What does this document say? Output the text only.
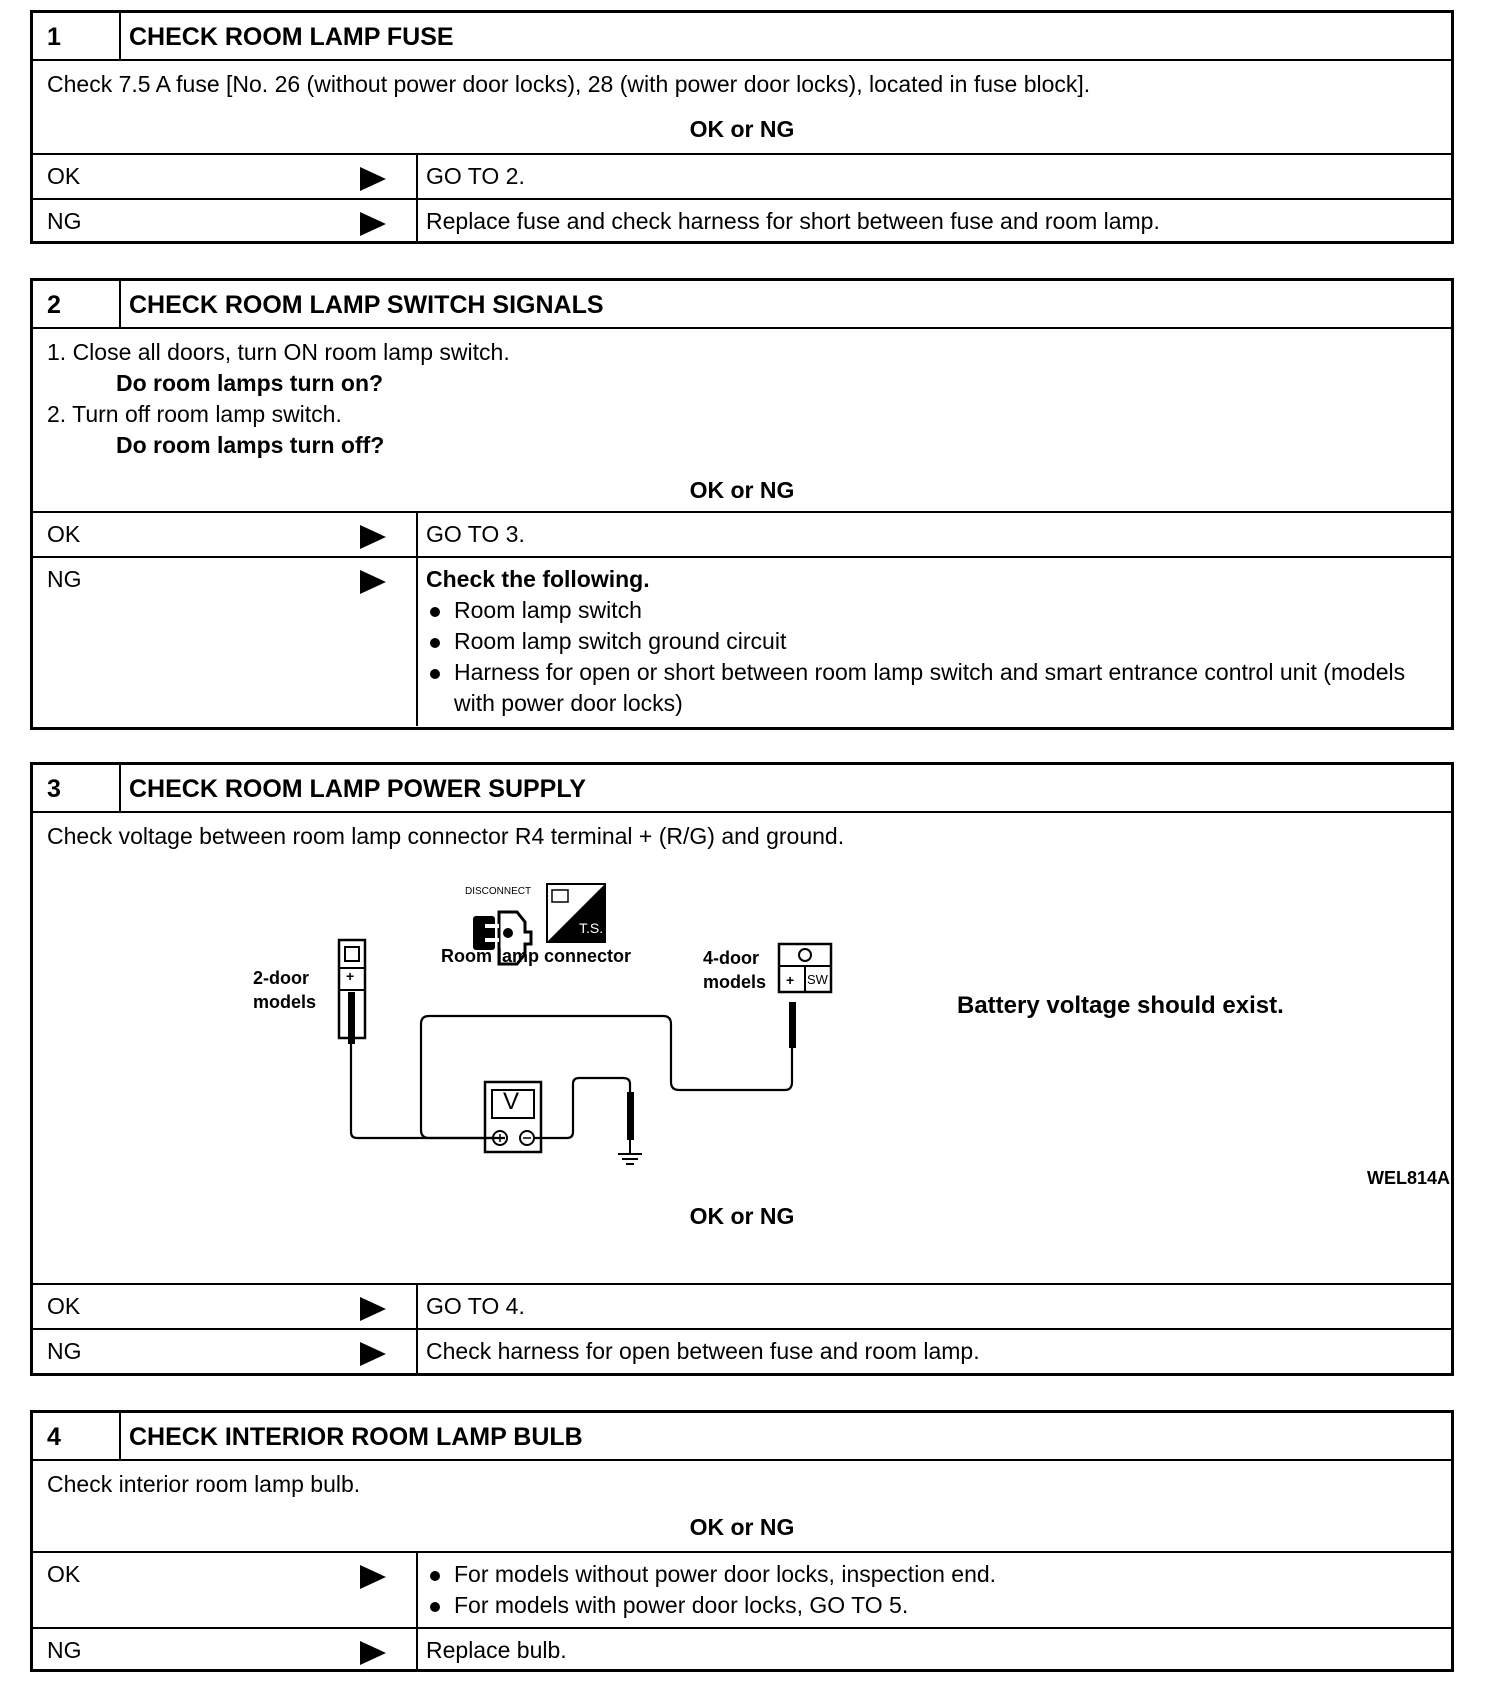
1	CHECK ROOM LAMP FUSE
Check 7.5 A fuse [No. 26 (without power door locks), 28 (with power door locks), located in fuse block].
OK or NG
OK	GO TO 2.
NG	Replace fuse and check harness for short between fuse and room lamp.
2	CHECK ROOM LAMP SWITCH SIGNALS
1. Close all doors, turn ON room lamp switch.
Do room lamps turn on?
2. Turn off room lamp switch.
Do room lamps turn off?
OK or NG
OK	GO TO 3.
NG	Check the following.
Room lamp switch
Room lamp switch ground circuit
Harness for open or short between room lamp switch and smart entrance control unit (models with power door locks)
3	CHECK ROOM LAMP POWER SUPPLY
Check voltage between room lamp connector R4 terminal + (R/G) and ground.
DISCONNECT
T.S.
Room lamp connector
2-door
models
+
4-door
models + SW
V
Battery voltage should exist.
WEL814A
OK or NG
OK	GO TO 4.
NG	Check harness for open between fuse and room lamp.
4	CHECK INTERIOR ROOM LAMP BULB
Check interior room lamp bulb.
OK or NG
OK	For models without power door locks, inspection end.
For models with power door locks, GO TO 5.
NG	Replace bulb.
